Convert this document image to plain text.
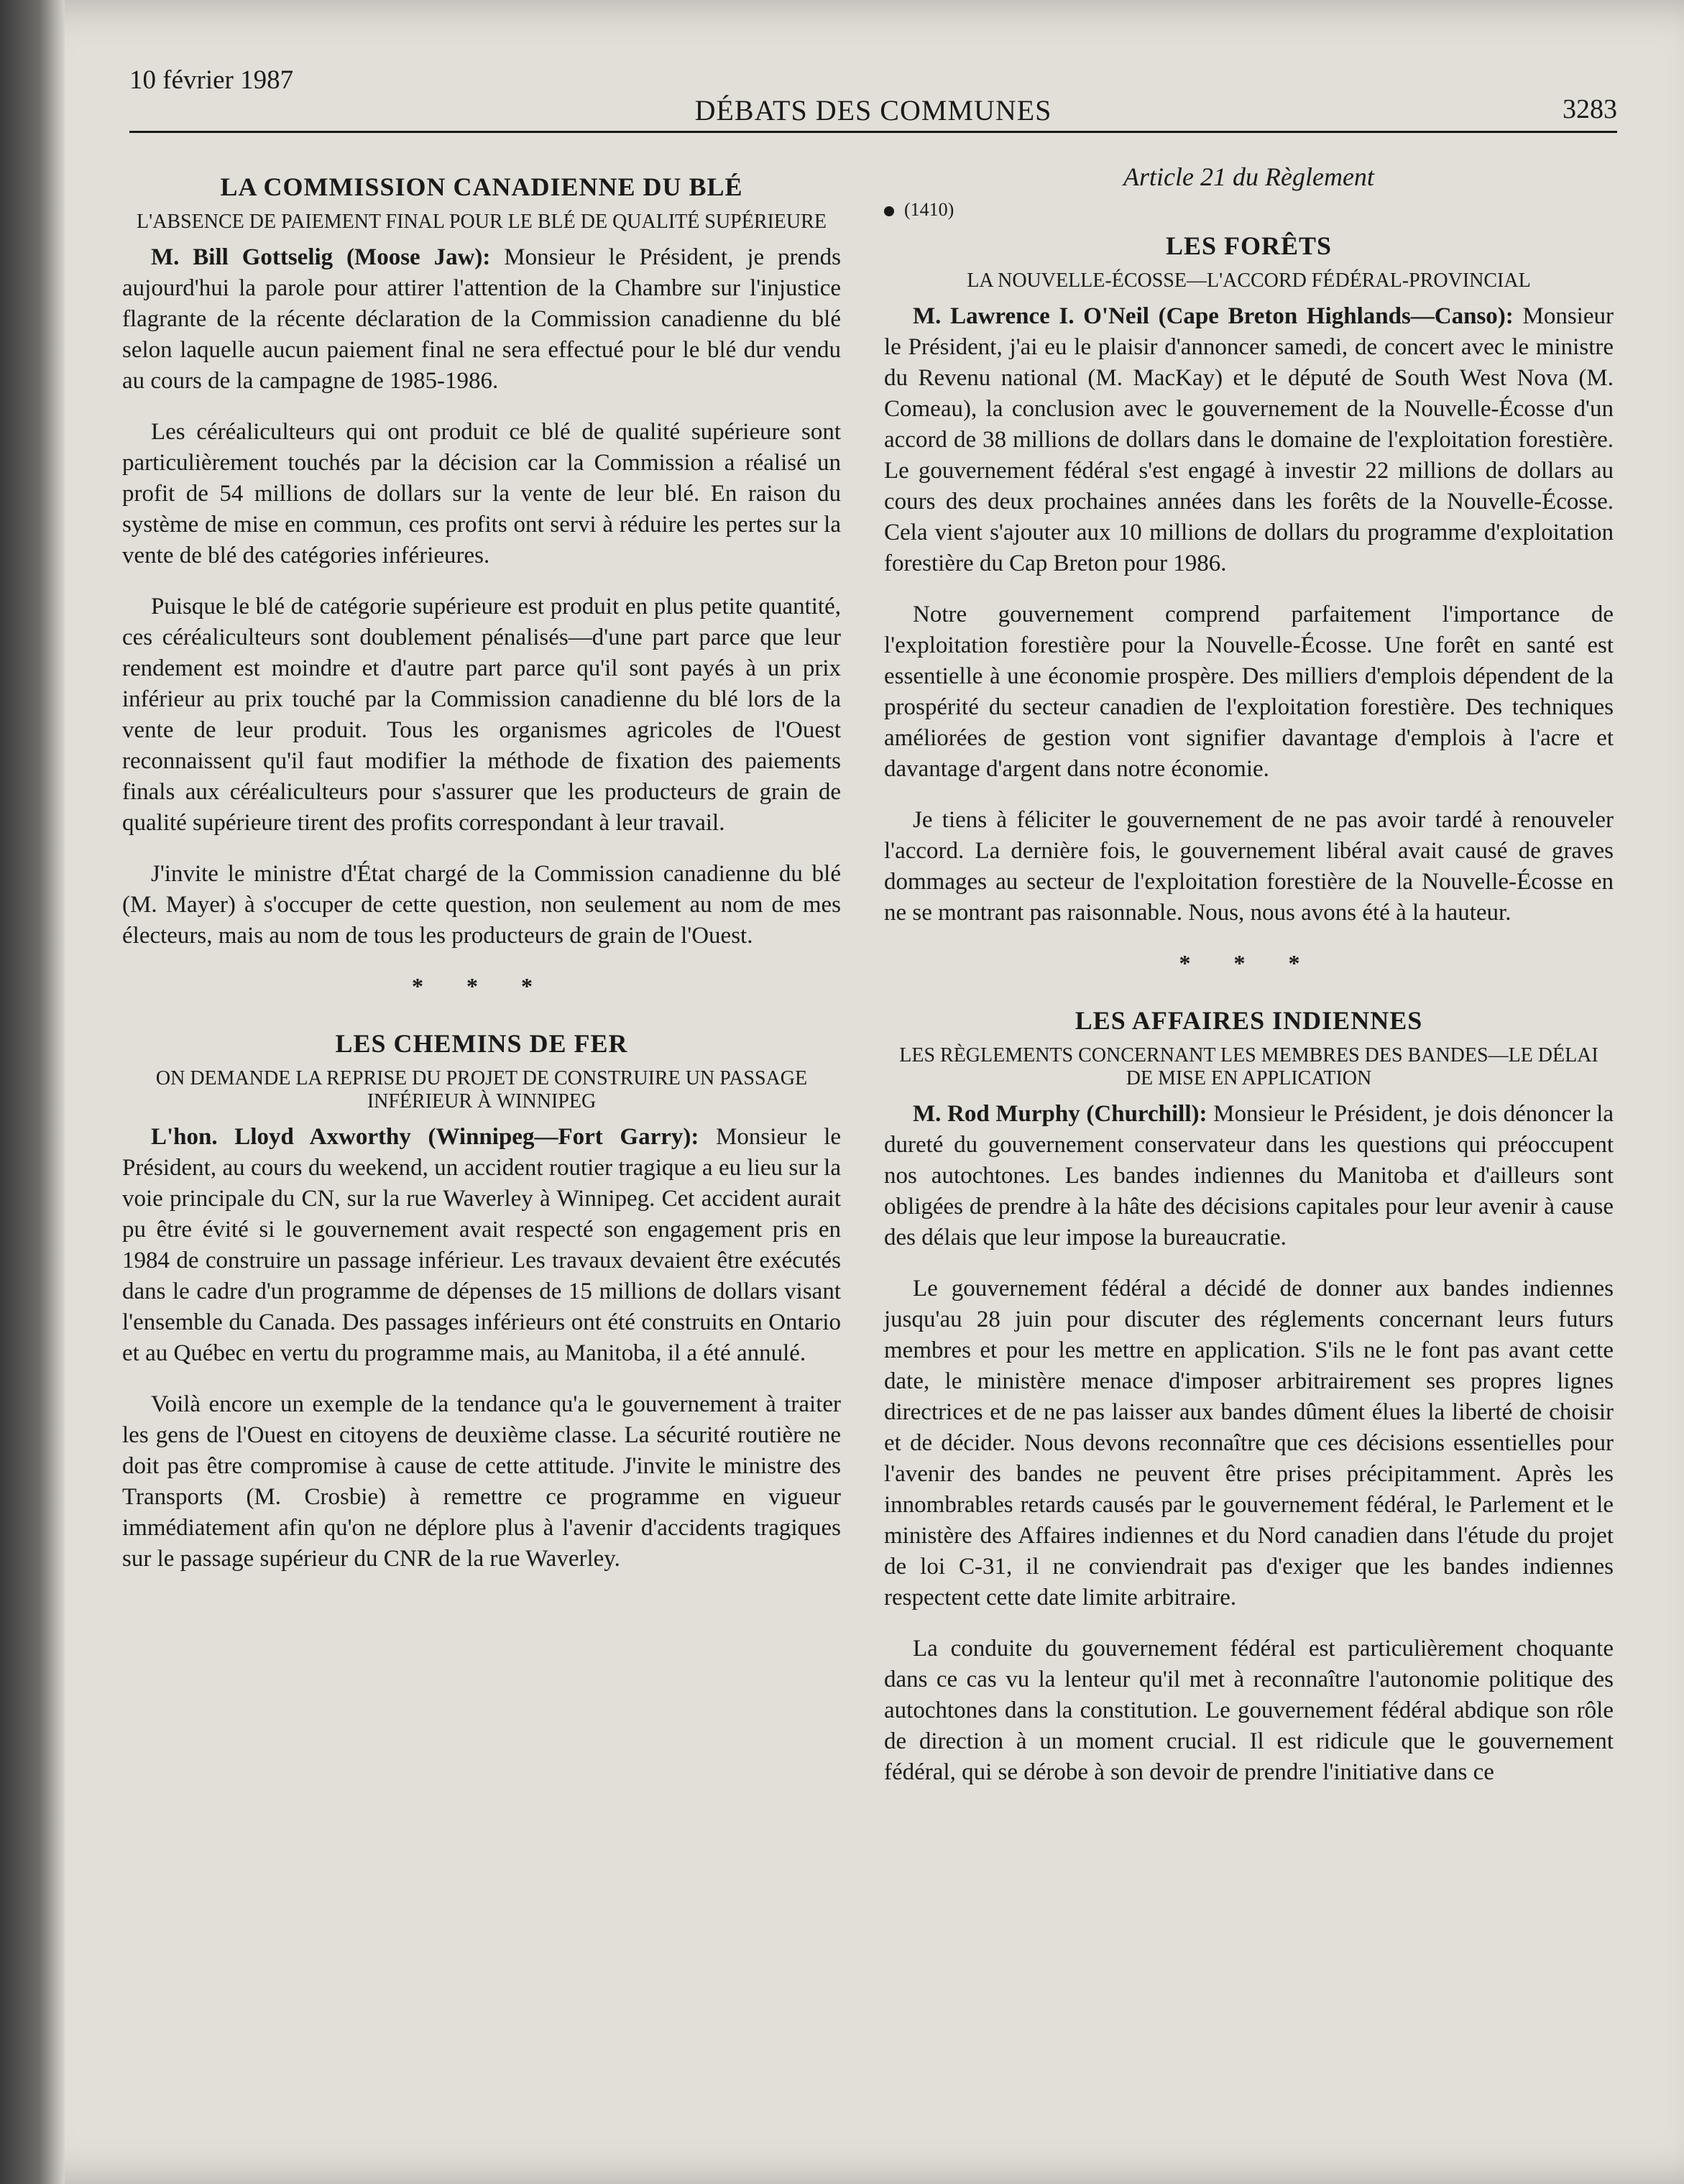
10 février 1987
DÉBATS DES COMMUNES	3283
LA COMMISSION CANADIENNE DU BLÉ
L'ABSENCE DE PAIEMENT FINAL POUR LE BLÉ DE QUALITÉ SUPÉRIEURE

M. Bill Gottselig (Moose Jaw): Monsieur le Président, je prends aujourd'hui la parole pour attirer l'attention de la Chambre sur l'injustice flagrante de la récente déclaration de la Commission canadienne du blé selon laquelle aucun paiement final ne sera effectué pour le blé dur vendu au cours de la campagne de 1985-1986.

Les céréaliculteurs qui ont produit ce blé de qualité supérieure sont particulièrement touchés par la décision car la Commission a réalisé un profit de 54 millions de dollars sur la vente de leur blé. En raison du système de mise en commun, ces profits ont servi à réduire les pertes sur la vente de blé des catégories inférieures.

Puisque le blé de catégorie supérieure est produit en plus petite quantité, ces céréaliculteurs sont doublement pénalisés—d'une part parce que leur rendement est moindre et d'autre part parce qu'il sont payés à un prix inférieur au prix touché par la Commission canadienne du blé lors de la vente de leur produit. Tous les organismes agricoles de l'Ouest reconnaissent qu'il faut modifier la méthode de fixation des paiements finals aux céréaliculteurs pour s'assurer que les producteurs de grain de qualité supérieure tirent des profits correspondant à leur travail.

J'invite le ministre d'État chargé de la Commission canadienne du blé (M. Mayer) à s'occuper de cette question, non seulement au nom de mes électeurs, mais au nom de tous les producteurs de grain de l'Ouest.

* * *
LES CHEMINS DE FER
ON DEMANDE LA REPRISE DU PROJET DE CONSTRUIRE UN PASSAGE INFÉRIEUR À WINNIPEG

L'hon. Lloyd Axworthy (Winnipeg—Fort Garry): Monsieur le Président, au cours du weekend, un accident routier tragique a eu lieu sur la voie principale du CN, sur la rue Waverley à Winnipeg. Cet accident aurait pu être évité si le gouvernement avait respecté son engagement pris en 1984 de construire un passage inférieur. Les travaux devaient être exécutés dans le cadre d'un programme de dépenses de 15 millions de dollars visant l'ensemble du Canada. Des passages inférieurs ont été construits en Ontario et au Québec en vertu du programme mais, au Manitoba, il a été annulé.

Voilà encore un exemple de la tendance qu'a le gouvernement à traiter les gens de l'Ouest en citoyens de deuxième classe. La sécurité routière ne doit pas être compromise à cause de cette attitude. J'invite le ministre des Transports (M. Crosbie) à remettre ce programme en vigueur immédiatement afin qu'on ne déplore plus à l'avenir d'accidents tragiques sur le passage supérieur du CNR de la rue Waverley.

Article 21 du Règlement
(1410)
LES FORÊTS
LA NOUVELLE-ÉCOSSE—L'ACCORD FÉDÉRAL-PROVINCIAL

M. Lawrence I. O'Neil (Cape Breton Highlands—Canso): Monsieur le Président, j'ai eu le plaisir d'annoncer samedi, de concert avec le ministre du Revenu national (M. MacKay) et le député de South West Nova (M. Comeau), la conclusion avec le gouvernement de la Nouvelle-Écosse d'un accord de 38 millions de dollars dans le domaine de l'exploitation forestière. Le gouvernement fédéral s'est engagé à investir 22 millions de dollars au cours des deux prochaines années dans les forêts de la Nouvelle-Écosse. Cela vient s'ajouter aux 10 millions de dollars du programme d'exploitation forestière du Cap Breton pour 1986.

Notre gouvernement comprend parfaitement l'importance de l'exploitation forestière pour la Nouvelle-Écosse. Une forêt en santé est essentielle à une économie prospère. Des milliers d'emplois dépendent de la prospérité du secteur canadien de l'exploitation forestière. Des techniques améliorées de gestion vont signifier davantage d'emplois à l'acre et davantage d'argent dans notre économie.

Je tiens à féliciter le gouvernement de ne pas avoir tardé à renouveler l'accord. La dernière fois, le gouvernement libéral avait causé de graves dommages au secteur de l'exploitation forestière de la Nouvelle-Écosse en ne se montrant pas raisonnable. Nous, nous avons été à la hauteur.

* * *
LES AFFAIRES INDIENNES
LES RÈGLEMENTS CONCERNANT LES MEMBRES DES BANDES—LE DÉLAI DE MISE EN APPLICATION

M. Rod Murphy (Churchill): Monsieur le Président, je dois dénoncer la dureté du gouvernement conservateur dans les questions qui préoccupent nos autochtones. Les bandes indiennes du Manitoba et d'ailleurs sont obligées de prendre à la hâte des décisions capitales pour leur avenir à cause des délais que leur impose la bureaucratie.

Le gouvernement fédéral a décidé de donner aux bandes indiennes jusqu'au 28 juin pour discuter des réglements concernant leurs futurs membres et pour les mettre en application. S'ils ne le font pas avant cette date, le ministère menace d'imposer arbitrairement ses propres lignes directrices et de ne pas laisser aux bandes dûment élues la liberté de choisir et de décider. Nous devons reconnaître que ces décisions essentielles pour l'avenir des bandes ne peuvent être prises précipitamment. Après les innombrables retards causés par le gouvernement fédéral, le Parlement et le ministère des Affaires indiennes et du Nord canadien dans l'étude du projet de loi C-31, il ne conviendrait pas d'exiger que les bandes indiennes respectent cette date limite arbitraire.

La conduite du gouvernement fédéral est particulièrement choquante dans ce cas vu la lenteur qu'il met à reconnaître l'autonomie politique des autochtones dans la constitution. Le gouvernement fédéral abdique son rôle de direction à un moment crucial. Il est ridicule que le gouvernement fédéral, qui se dérobe à son devoir de prendre l'initiative dans ce
